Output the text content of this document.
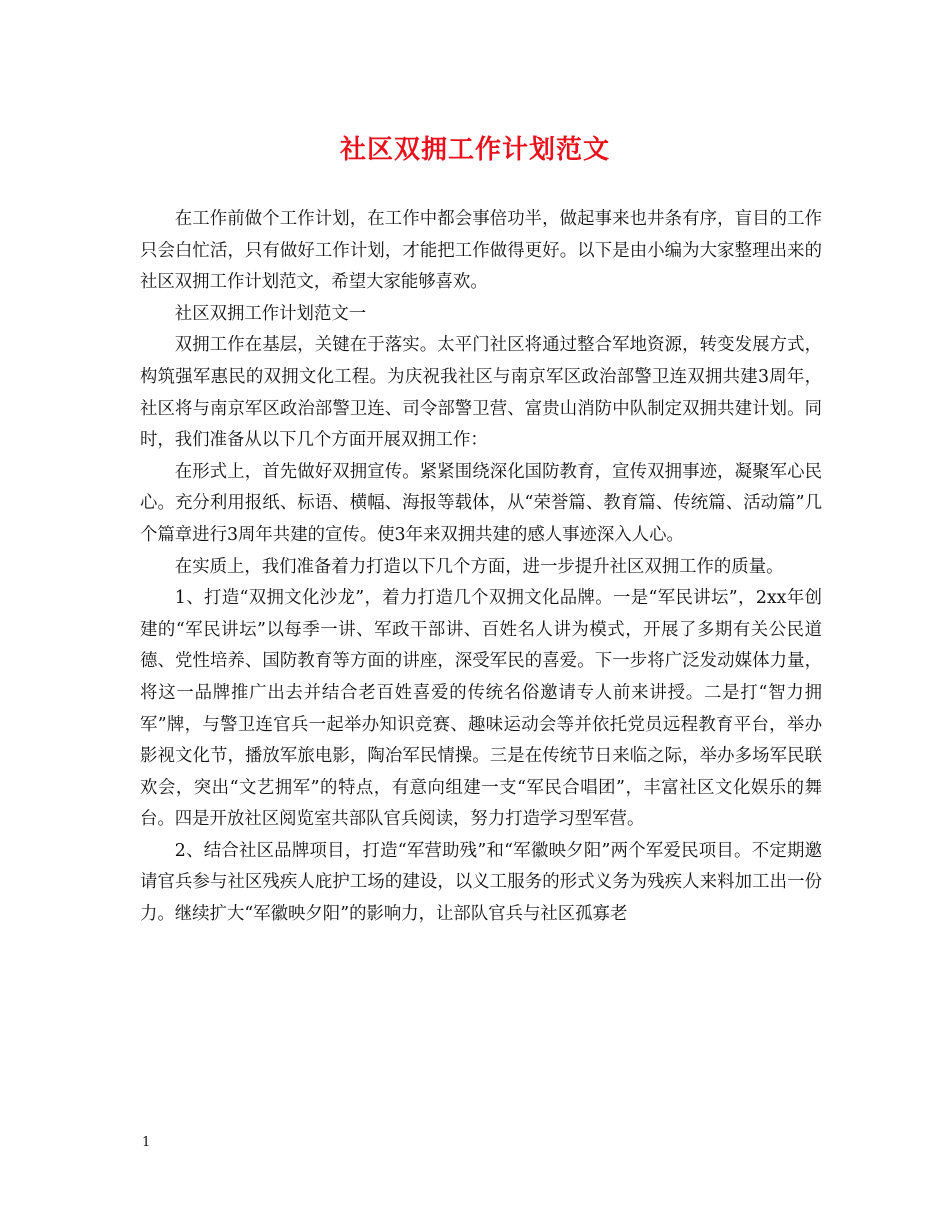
社区双拥工作计划范文

在工作前做个工作计划，在工作中都会事倍功半，做起事来也井条有序，盲目的工作只会白忙活，只有做好工作计划，才能把工作做得更好。以下是由小编为大家整理出来的社区双拥工作计划范文，希望大家能够喜欢。

社区双拥工作计划范文一

双拥工作在基层，关键在于落实。太平门社区将通过整合军地资源，转变发展方式，构筑强军惠民的双拥文化工程。为庆祝我社区与南京军区政治部警卫连双拥共建3周年，社区将与南京军区政治部警卫连、司令部警卫营、富贵山消防中队制定双拥共建计划。同时，我们准备从以下几个方面开展双拥工作：

在形式上，首先做好双拥宣传。紧紧围绕深化国防教育，宣传双拥事迹，凝聚军心民心。充分利用报纸、标语、横幅、海报等载体，从“荣誉篇、教育篇、传统篇、活动篇”几个篇章进行3周年共建的宣传。使3年来双拥共建的感人事迹深入人心。

在实质上，我们准备着力打造以下几个方面，进一步提升社区双拥工作的质量。

1、打造“双拥文化沙龙”，着力打造几个双拥文化品牌。一是“军民讲坛”，2xx年创建的“军民讲坛”以每季一讲、军政干部讲、百姓名人讲为模式，开展了多期有关公民道德、党性培养、国防教育等方面的讲座，深受军民的喜爱。下一步将广泛发动媒体力量，将这一品牌推广出去并结合老百姓喜爱的传统名俗邀请专人前来讲授。二是打“智力拥军”牌，与警卫连官兵一起举办知识竞赛、趣味运动会等并依托党员远程教育平台，举办影视文化节，播放军旅电影，陶冶军民情操。三是在传统节日来临之际，举办多场军民联欢会，突出“文艺拥军”的特点，有意向组建一支“军民合唱团”，丰富社区文化娱乐的舞台。四是开放社区阅览室共部队官兵阅读，努力打造学习型军营。

2、结合社区品牌项目，打造“军营助残”和“军徽映夕阳”两个军爱民项目。不定期邀请官兵参与社区残疾人庇护工场的建设，以义工服务的形式义务为残疾人来料加工出一份力。继续扩大“军徽映夕阳”的影响力，让部队官兵与社区孤寡老

1
